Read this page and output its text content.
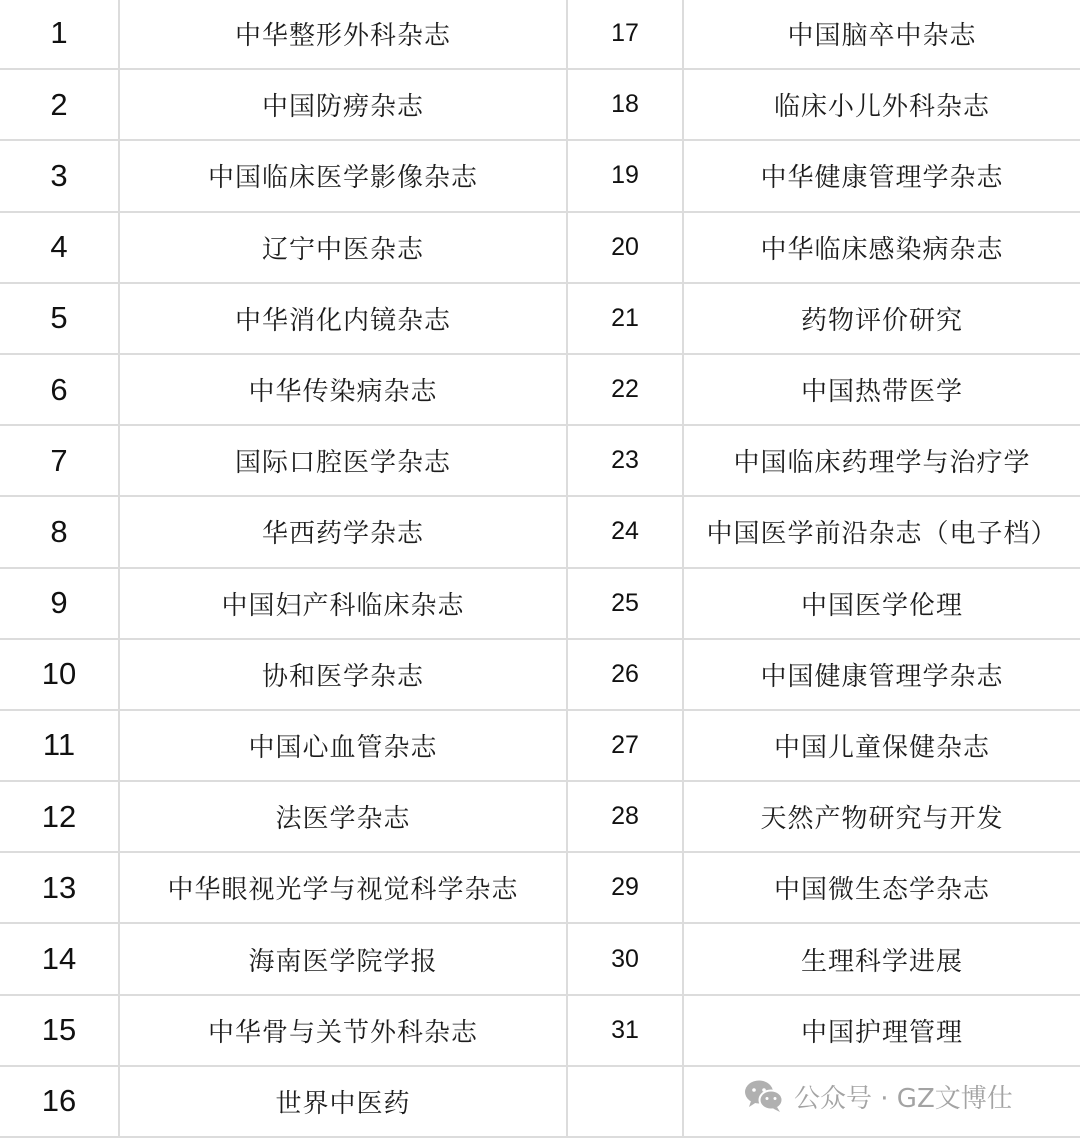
1	中华整形外科杂志	17	中国脑卒中杂志
2	中国防痨杂志	18	临床小儿外科杂志
3	中国临床医学影像杂志	19	中华健康管理学杂志
4	辽宁中医杂志	20	中华临床感染病杂志
5	中华消化内镜杂志	21	药物评价研究
6	中华传染病杂志	22	中国热带医学
7	国际口腔医学杂志	23	中国临床药理学与治疗学
8	华西药学杂志	24	中国医学前沿杂志（电子档）
9	中国妇产科临床杂志	25	中国医学伦理
10	协和医学杂志	26	中国健康管理学杂志
11	中国心血管杂志	27	中国儿童保健杂志
12	法医学杂志	28	天然产物研究与开发
13	中华眼视光学与视觉科学杂志	29	中国微生态学杂志
14	海南医学院学报	30	生理科学进展
15	中华骨与关节外科杂志	31	中国护理管理
16	世界中医药			公众号 · GZ文博仕
